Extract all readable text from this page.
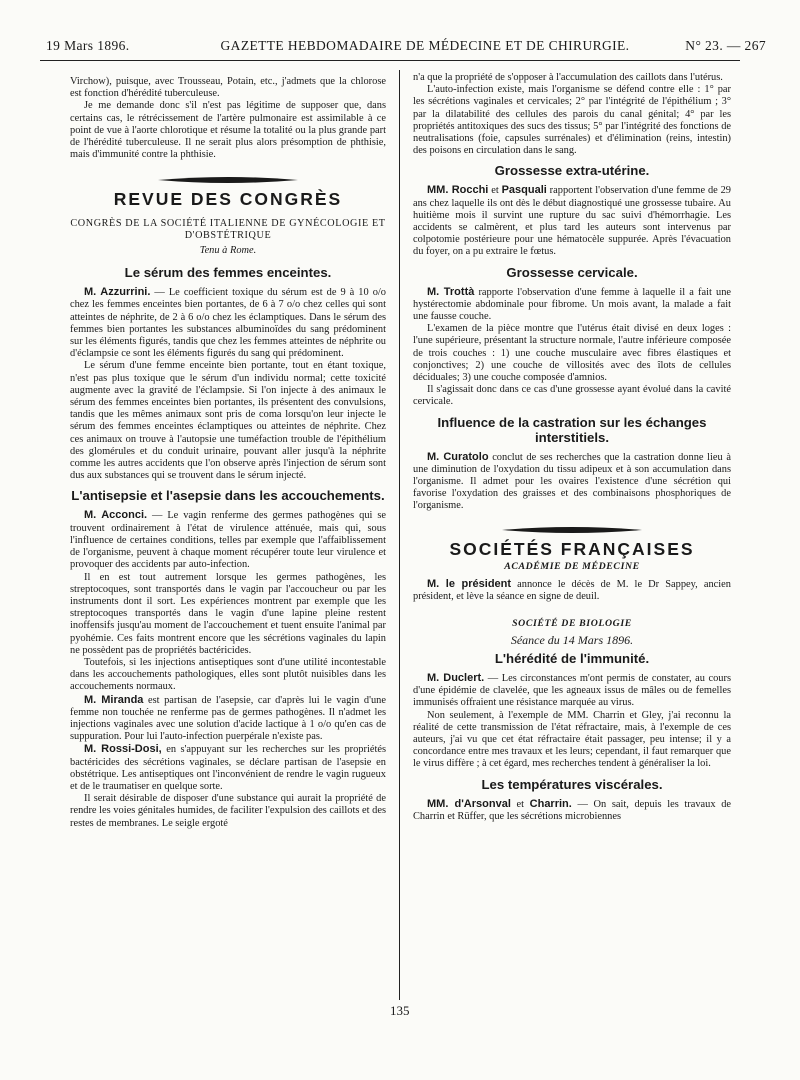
19 Mars 1896.	GAZETTE HEBDOMADAIRE DE MÉDECINE ET DE CHIRURGIE.	N° 23. — 267

Virchow), puisque, avec Trousseau, Potain, etc., j'admets que la chlorose est fonction d'hérédité tuberculeuse.

Je me demande donc s'il n'est pas légitime de supposer que, dans certains cas, le rétrécissement de l'artère pulmonaire est assimilable à ce point de vue à l'aorte chlorotique et résume la totalité ou la plus grande part de l'hérédité tuberculeuse. Il ne serait plus alors présomption de phthisie, mais d'immunité contre la phthisie.

REVUE DES CONGRÈS
CONGRÈS DE LA SOCIÉTÉ ITALIENNE DE GYNÉCOLOGIE ET D'OBSTÉTRIQUE
Tenu à Rome.
Le sérum des femmes enceintes.

M. Azzurrini. — Le coefficient toxique du sérum est de 9 à 10 o/o chez les femmes enceintes bien portantes, de 6 à 7 o/o chez celles qui sont atteintes de néphrite, de 2 à 6 o/o chez les éclamptiques. Dans le sérum des femmes bien portantes les substances albuminoïdes du sang prédominent sur les éléments figurés, tandis que chez les femmes atteintes de néphrite ou d'éclampsie ce sont les éléments figurés du sang qui prédominent.

Le sérum d'une femme enceinte bien portante, tout en étant toxique, n'est pas plus toxique que le sérum d'un individu normal; cette toxicité augmente avec la gravité de l'éclampsie. Si l'on injecte à des animaux le sérum des femmes enceintes bien portantes, ils présentent des convulsions, tandis que les mêmes animaux sont pris de coma lorsqu'on leur injecte le sérum des femmes enceintes éclamptiques ou atteintes de néphrite. Chez ces animaux on trouve à l'autopsie une tuméfaction trouble de l'épithélium des glomérules et du conduit urinaire, pouvant aller jusqu'à la néphrite comme les autres accidents que l'on observe après l'injection de sérum sont dus aux substances qui se trouvent dans le sérum injecté.

L'antisepsie et l'asepsie dans les accouchements.

M. Acconci. — Le vagin renferme des germes pathogènes qui se trouvent ordinairement à l'état de virulence atténuée, mais qui, sous l'influence de certaines conditions, telles par exemple que l'affaiblissement de l'organisme, peuvent à chaque moment récupérer toute leur virulence et provoquer des accidents par auto-infection.

Il en est tout autrement lorsque les germes pathogènes, les streptocoques, sont transportés dans le vagin par l'accoucheur ou par les instruments dont il sort. Les expériences montrent par exemple que les streptocoques transportés dans le vagin d'une lapine pleine restent inoffensifs jusqu'au moment de l'accouchement et tuent ensuite l'animal par pyohémie. Ces faits montrent encore que les sécrétions vaginales du lapin ne possèdent pas de propriétés bactéricides.

Toutefois, si les injections antiseptiques sont d'une utilité incontestable dans les accouchements pathologiques, elles sont plutôt nuisibles dans les accouchements normaux.

M. Miranda est partisan de l'asepsie, car d'après lui le vagin d'une femme non touchée ne renferme pas de germes pathogènes. Il n'admet les injections vaginales avec une solution d'acide lactique à 1 o/o qu'en cas de suppuration. Pour lui l'auto-infection puerpérale n'existe pas.

M. Rossi-Dosi, en s'appuyant sur les recherches sur les propriétés bactéricides des sécrétions vaginales, se déclare partisan de l'asepsie en obstétrique. Les antiseptiques ont l'inconvénient de rendre le vagin rugueux et de le traumatiser en quelque sorte.

Il serait désirable de disposer d'une substance qui aurait la propriété de rendre les voies génitales humides, de faciliter l'expulsion des caillots et des restes de membranes. Le seigle ergoté

n'a que la propriété de s'opposer à l'accumulation des caillots dans l'utérus.

L'auto-infection existe, mais l'organisme se défend contre elle : 1° par les sécrétions vaginales et cervicales; 2° par l'intégrité de l'épithélium ; 3° par la dilatabilité des cellules des parois du canal génital; 4° par les propriétés antitoxiques des sucs des tissus; 5° par l'intégrité des fonctions de neutralisations (foie, capsules surrénales) et d'élimination (reins, intestin) des poisons en circulation dans le sang.

Grossesse extra-utérine.

MM. Rocchi et Pasquali rapportent l'observation d'une femme de 29 ans chez laquelle ils ont dès le début diagnostiqué une grossesse tubaire. Au huitième mois il survint une rupture du sac suivi d'hémorrhagie. Les accidents se calmèrent, et plus tard les auteurs sont intervenus par colpotomie postérieure pour une hématocèle suppurée. Après l'évacuation du foyer, on a pu extraire le fœtus.

Grossesse cervicale.

M. Trottà rapporte l'observation d'une femme à laquelle il a fait une hystérectomie abdominale pour fibrome. Un mois avant, la malade a fait une fausse couche.

L'examen de la pièce montre que l'utérus était divisé en deux loges : l'une supérieure, présentant la structure normale, l'autre inférieure composée de trois couches : 1) une couche musculaire avec fibres élastiques et conjonctives; 2) une couche de villosités avec des îlots de cellules déciduales; 3) une couche composée d'amnios.

Il s'agissait donc dans ce cas d'une grossesse ayant évolué dans la cavité cervicale.

Influence de la castration sur les échanges interstitiels.

M. Curatolo conclut de ses recherches que la castration donne lieu à une diminution de l'oxydation du tissu adipeux et à son accumulation dans l'organisme. Il admet pour les ovaires l'existence d'une sécrétion qui favorise l'oxydation des graisses et des combinaisons phosphoriques de l'organisme.

SOCIÉTÉS FRANÇAISES
ACADÉMIE DE MÉDECINE

M. le président annonce le décès de M. le Dr Sappey, ancien président, et lève la séance en signe de deuil.

SOCIÉTÉ DE BIOLOGIE
Séance du 14 Mars 1896.
L'hérédité de l'immunité.

M. Duclert. — Les circonstances m'ont permis de constater, au cours d'une épidémie de clavelée, que les agneaux issus de mâles ou de femelles immunisés offraient une résistance marquée au virus.

Non seulement, à l'exemple de MM. Charrin et Gley, j'ai reconnu la réalité de cette transmission de l'état réfractaire, mais, à l'exemple de ces auteurs, j'ai vu que cet état réfractaire était passager, peu intense; il y a concordance entre mes travaux et les leurs; cependant, il faut remarquer que le virus diffère ; à cet égard, mes recherches tendent à généraliser la loi.

Les températures viscérales.

MM. d'Arsonval et Charrin. — On sait, depuis les travaux de Charrin et Rüffer, que les sécrétions microbiennes

135
